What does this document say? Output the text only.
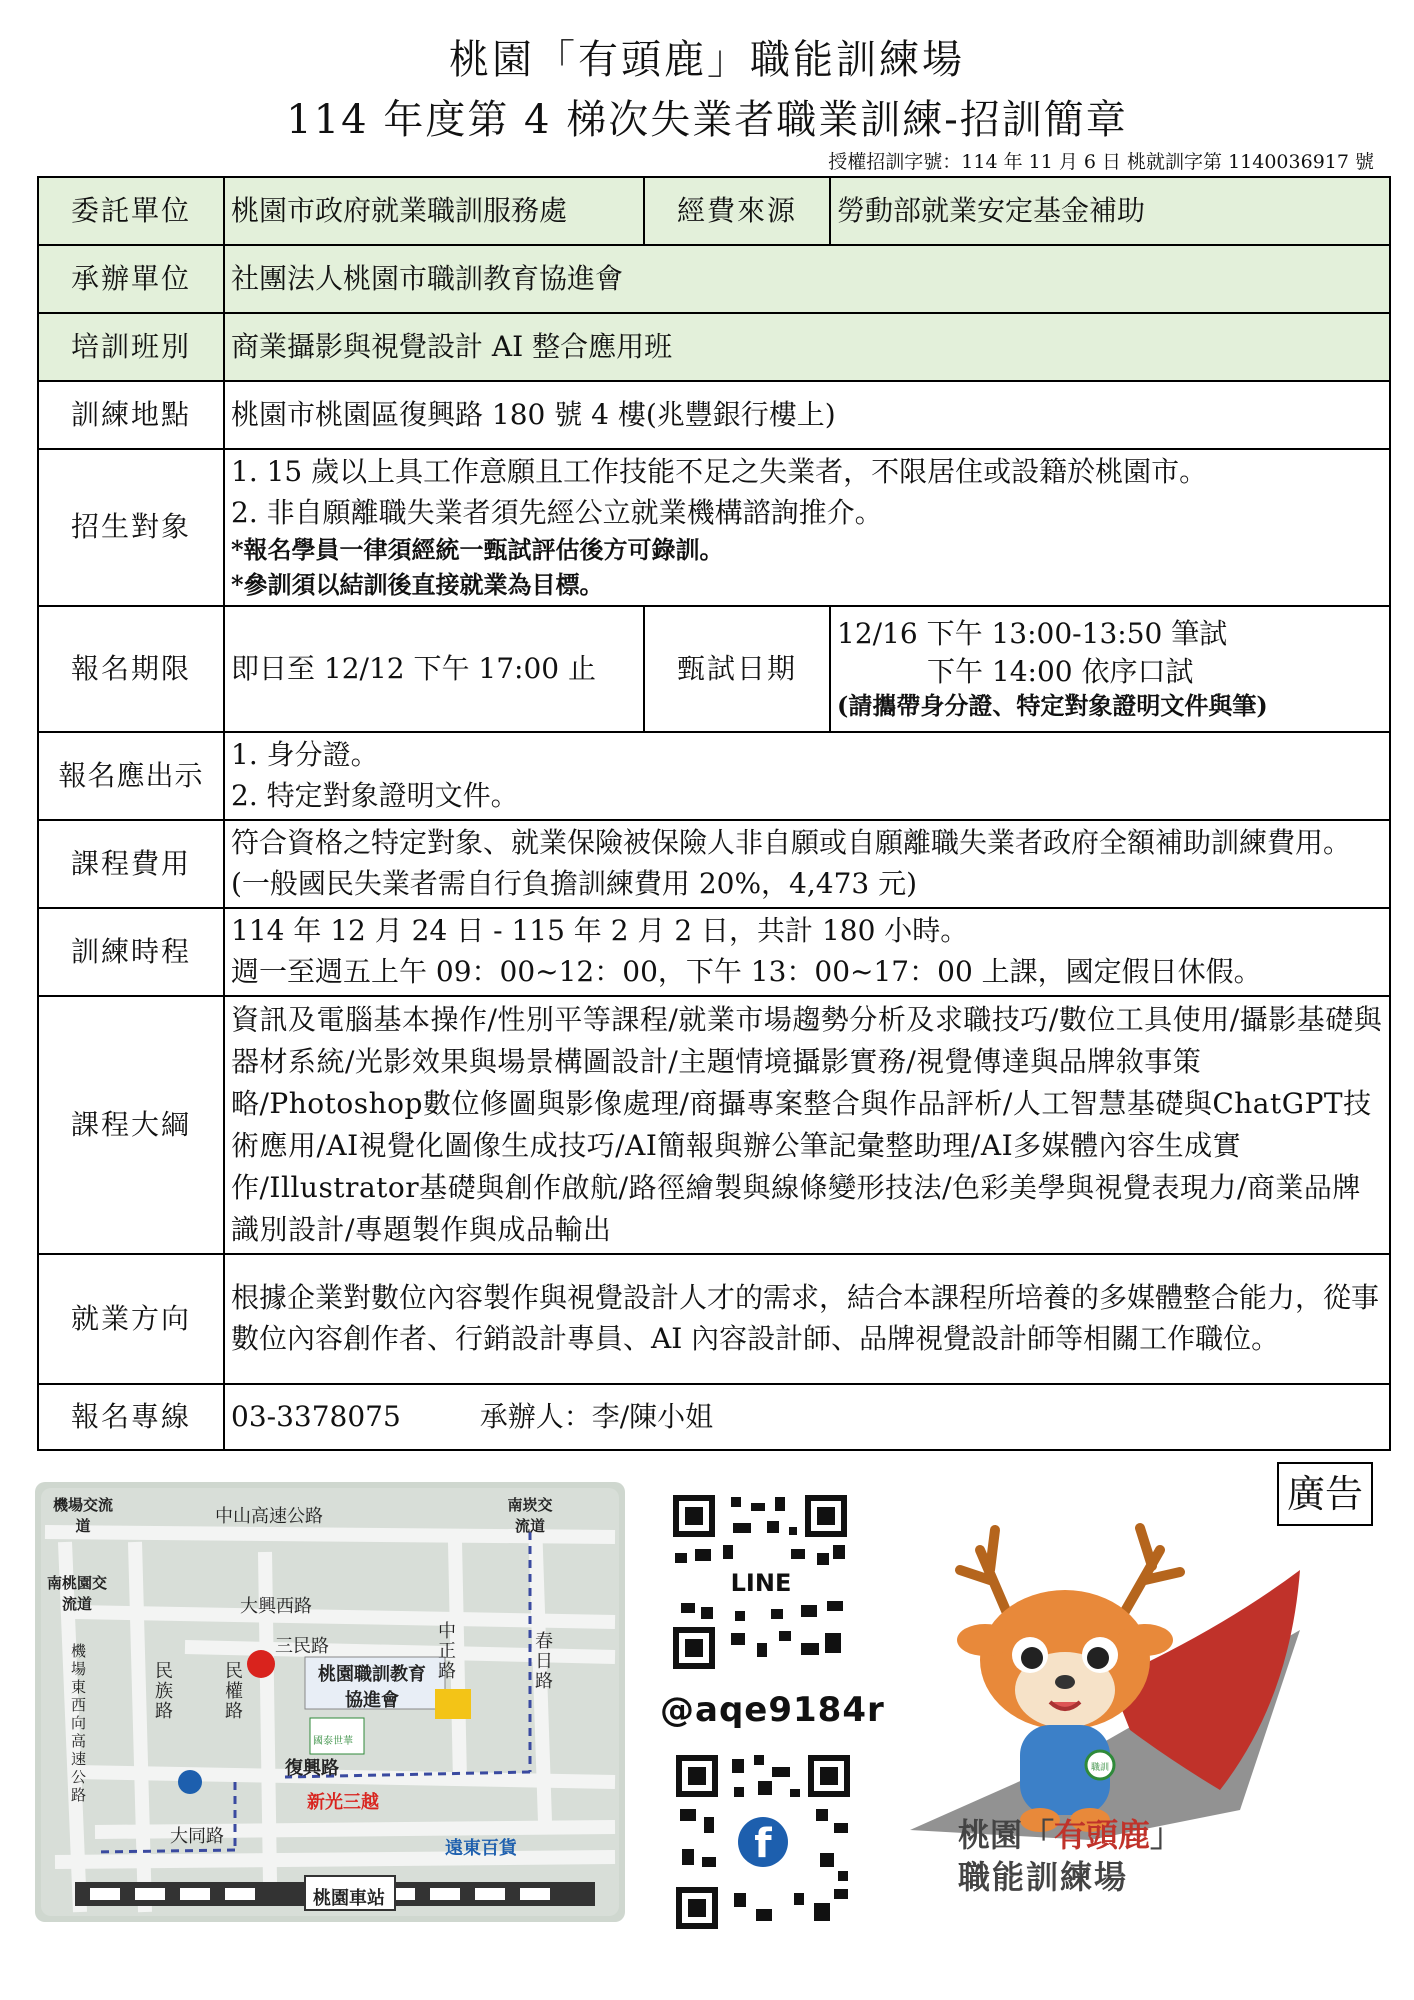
桃園「有頭鹿」職能訓練場
114 年度第 4 梯次失業者職業訓練-招訓簡章
授權招訓字號：114 年 11 月 6 日 桃就訓字第 1140036917 號
委託單位	桃園市政府就業職訓服務處	經費來源	勞動部就業安定基金補助
承辦單位	社團法人桃園市職訓教育協進會		
培訓班別	商業攝影與視覺設計 AI 整合應用班		
訓練地點	桃園市桃園區復興路 180 號 4 樓(兆豐銀行樓上)		
招生對象	1. 15 歲以上具工作意願且工作技能不足之失業者，不限居住或設籍於桃園市。
2. 非自願離職失業者須先經公立就業機構諮詢推介。
*報名學員一律須經統一甄試評估後方可錄訓。
*參訓須以結訓後直接就業為目標。		

報名期限	即日至 12/12 下午 17:00 止	甄試日期	12/16 下午 13:00-13:50 筆試
下午 14:00 依序口試
(請攜帶身分證、特定對象證明文件與筆)

報名應出示	1. 身分證。
2. 特定對象證明文件。		

課程費用	符合資格之特定對象、就業保險被保險人非自願或自願離職失業者政府全額補助訓練費用。(一般國民失業者需自行負擔訓練費用 20%，4,473 元)		
訓練時程	114 年 12 月 24 日 - 115 年 2 月 2 日，共計 180 小時。
週一至週五上午 09：00~12：00，下午 13：00~17：00 上課，國定假日休假。		

課程大綱	資訊及電腦基本操作/性別平等課程/就業市場趨勢分析及求職技巧/數位工具使用/攝影基礎與器材系統/光影效果與場景構圖設計/主題情境攝影實務/視覺傳達與品牌敘事策略/Photoshop數位修圖與影像處理/商攝專案整合與作品評析/人工智慧基礎與ChatGPT技術應用/AI視覺化圖像生成技巧/AI簡報與辦公筆記彙整助理/AI多媒體內容生成實作/Illustrator基礎與創作啟航/路徑繪製與線條變形技法/色彩美學與視覺表現力/商業品牌識別設計/專題製作與成品輸出		
就業方向	根據企業對數位內容製作與視覺設計人才的需求，結合本課程所培養的多媒體整合能力，從事數位內容創作者、行銷設計專員、AI 內容設計師、品牌視覺設計師等相關工作職位。		
報名專線	03-3378075 承辦人：李/陳小姐		
廣告
機場交流道	中山高速公路
南崁交流道
南桃園交流道	大興西路
三民路
中正路
春日路
機場東西向高速公路
民族路
民權路
桃園職訓教育協進會
國泰世華
復興路
新光三越
大同路
遠東百貨
桃園車站
LINE
@aqe9184r
f
職訓
桃園「有頭鹿」
職能訓練場
